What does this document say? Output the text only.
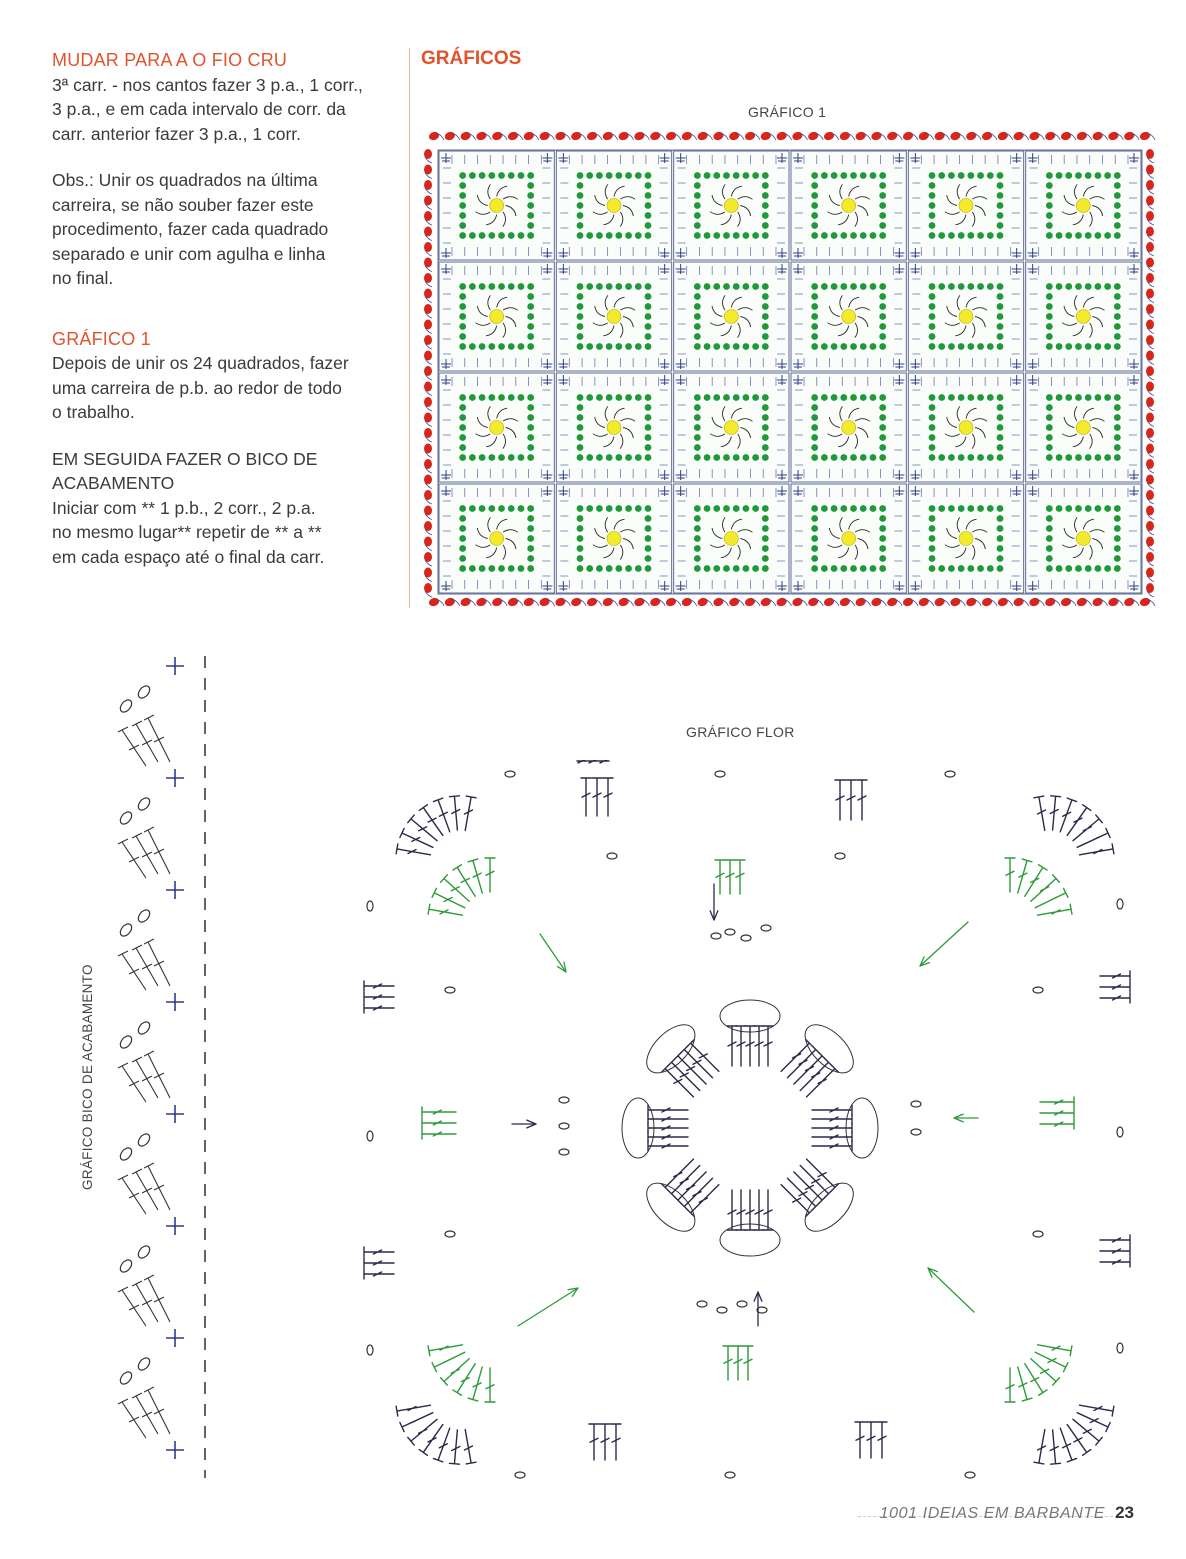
MUDAR PARA A O FIO CRU

3ª carr. - nos cantos fazer 3 p.a., 1 corr.,

3 p.a., e em cada intervalo de corr. da

carr. anterior fazer 3 p.a., 1 corr.

Obs.: Unir os quadrados na última

carreira, se não souber fazer este

procedimento, fazer cada quadrado

separado e unir com agulha e linha

no final.

GRÁFICO 1

Depois de unir os 24 quadrados, fazer

uma carreira de p.b. ao redor de todo

o trabalho.

EM SEGUIDA FAZER O BICO DE

ACABAMENTO

Iniciar com ** 1 p.b., 2 corr., 2 p.a.

no mesmo lugar** repetir de ** a **

em cada espaço até o final da carr.

GRÁFICOS
GRÁFICO 1
GRÁFICO BICO DE ACABAMENTO
GRÁFICO FLOR
1001 IDEIAS EM BARBANTE 23
